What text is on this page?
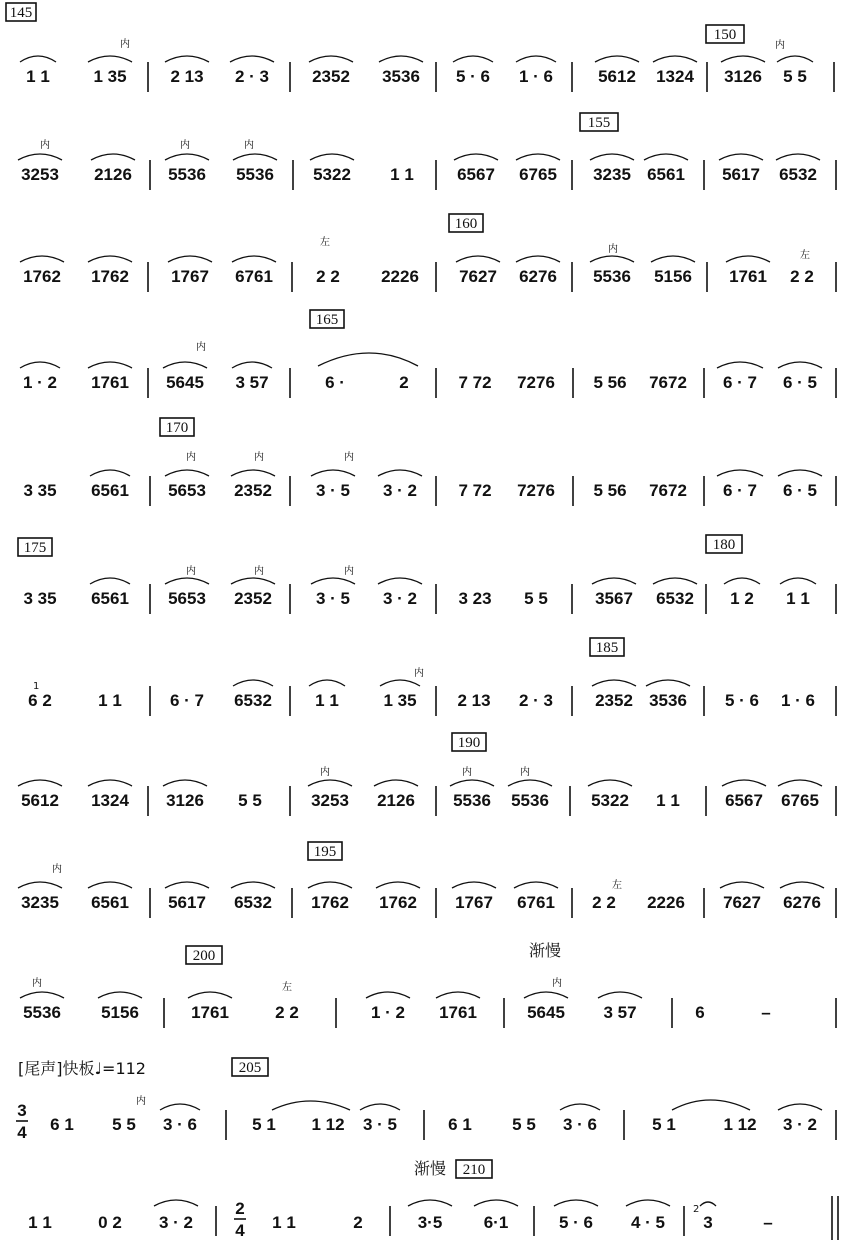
145
150
内	内
1 1	1 35	2 13 2 · 3	2352 3536 5 · 6 1 · 6	5612 1324 3126 5 5
155
内	内	内
3253 2126 5536 5536 5322 1 1	6567 6765 3235 6561 5617 6532
160
左
左
内
1762 1762 1767 6761	2 2 2226 7627 6276 5536 5156 1761 2 2
165
内
1 · 2 1761 5645 3 57	6 ·	2	7 72 7276 5 56 7672 6 · 7 6 · 5
170
内	内	内
3 35 6561 5653 2352	3 · 5 3 · 2 7 72 7276 5 56 7672 6 · 7 6 · 5
175	180
内	内	内
3 35 6561 5653 2352	3 · 5 3 · 2 3 23 5 5	3567 6532 1 2 1 1
185
内
1
6 2	1 1	6 · 7 6532	1 1	1 35 2 13 2 · 3 2352 3536 5 · 6 1 · 6
190
内	内	内
5612 1324 3126 5 5	3253 2126 5536 5536 5322 1 1	6567 6765
195
内
左
3235 6561 5617 6532 1762 1762 1767 6761 2 2 2226 7627 6276
渐慢
200
内	内
左
5536 5156	1761	2 2	1 · 2 1761	5645 3 57	6	–
[尾声]快板♩=112	205
3
4
内
6 1 5 5 3 · 6	5 1 1 12 3 · 5	6 1 5 5 3 · 6	5 1	1 12 3 · 2
渐慢 210
1 1	0 2 3 · 2
2
4 1 1	2	3·5 6·1	5 · 6 4 · 5
2
3	–
